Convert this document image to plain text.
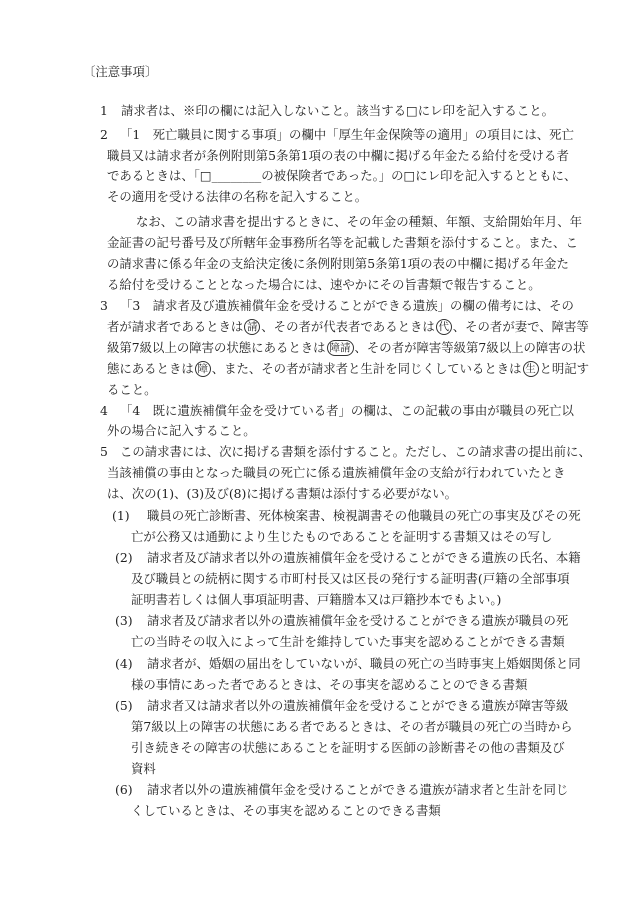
〔注意事項〕
1 請求者は、※印の欄には記入しないこと。該当する□にレ印を記入すること。
2 「1　死亡職員に関する事項」の欄中「厚生年金保険等の適用」の項目には、死亡
職員又は請求者が条例附則第5条第1項の表の中欄に掲げる年金たる給付を受ける者
であるときは、「□________の被保険者であった。」の□にレ印を記入するとともに、
その適用を受ける法律の名称を記入すること。
なお、この請求書を提出するときに、その年金の種類、年額、支給開始年月、年
金証書の記号番号及び所轄年金事務所名等を記載した書類を添付すること。また、こ
の請求書に係る年金の支給決定後に条例附則第5条第1項の表の中欄に掲げる年金た
る給付を受けることとなった場合には、速やかにその旨書類で報告すること。
3 「3　請求者及び遺族補償年金を受けることができる遺族」の欄の備考には、その
者が請求者であるときは 請 、その者が代表者であるときは 代 、その者が妻で、障害等
級第7級以上の障害の状態にあるときは 障請 、その者が障害等級第7級以上の障害の状
態にあるときは 障 、また、その者が請求者と生計を同じくしているときは 生 と明記す
ること。
4 「4　既に遺族補償年金を受けている者」の欄は、この記載の事由が職員の死亡以
外の場合に記入すること。
5 この請求書には、次に掲げる書類を添付すること。ただし、この請求書の提出前に、
当該補償の事由となった職員の死亡に係る遺族補償年金の支給が行われていたとき
は、次の(1)、(3)及び(8)に掲げる書類は添付する必要がない。
(1) 職員の死亡診断書、死体検案書、検視調書その他職員の死亡の事実及びその死
亡が公務又は通勤により生じたものであることを証明する書類又はその写し
(2) 請求者及び請求者以外の遺族補償年金を受けることができる遺族の氏名、本籍
及び職員との続柄に関する市町村長又は区長の発行する証明書(戸籍の全部事項
証明書若しくは個人事項証明書、戸籍謄本又は戸籍抄本でもよい。)
(3) 請求者及び請求者以外の遺族補償年金を受けることができる遺族が職員の死
亡の当時その収入によって生計を維持していた事実を認めることができる書類
(4) 請求者が、婚姻の届出をしていないが、職員の死亡の当時事実上婚姻関係と同
様の事情にあった者であるときは、その事実を認めることのできる書類
(5) 請求者又は請求者以外の遺族補償年金を受けることができる遺族が障害等級
第7級以上の障害の状態にある者であるときは、その者が職員の死亡の当時から
引き続きその障害の状態にあることを証明する医師の診断書その他の書類及び
資料
(6) 請求者以外の遺族補償年金を受けることができる遺族が請求者と生計を同じ
くしているときは、その事実を認めることのできる書類
